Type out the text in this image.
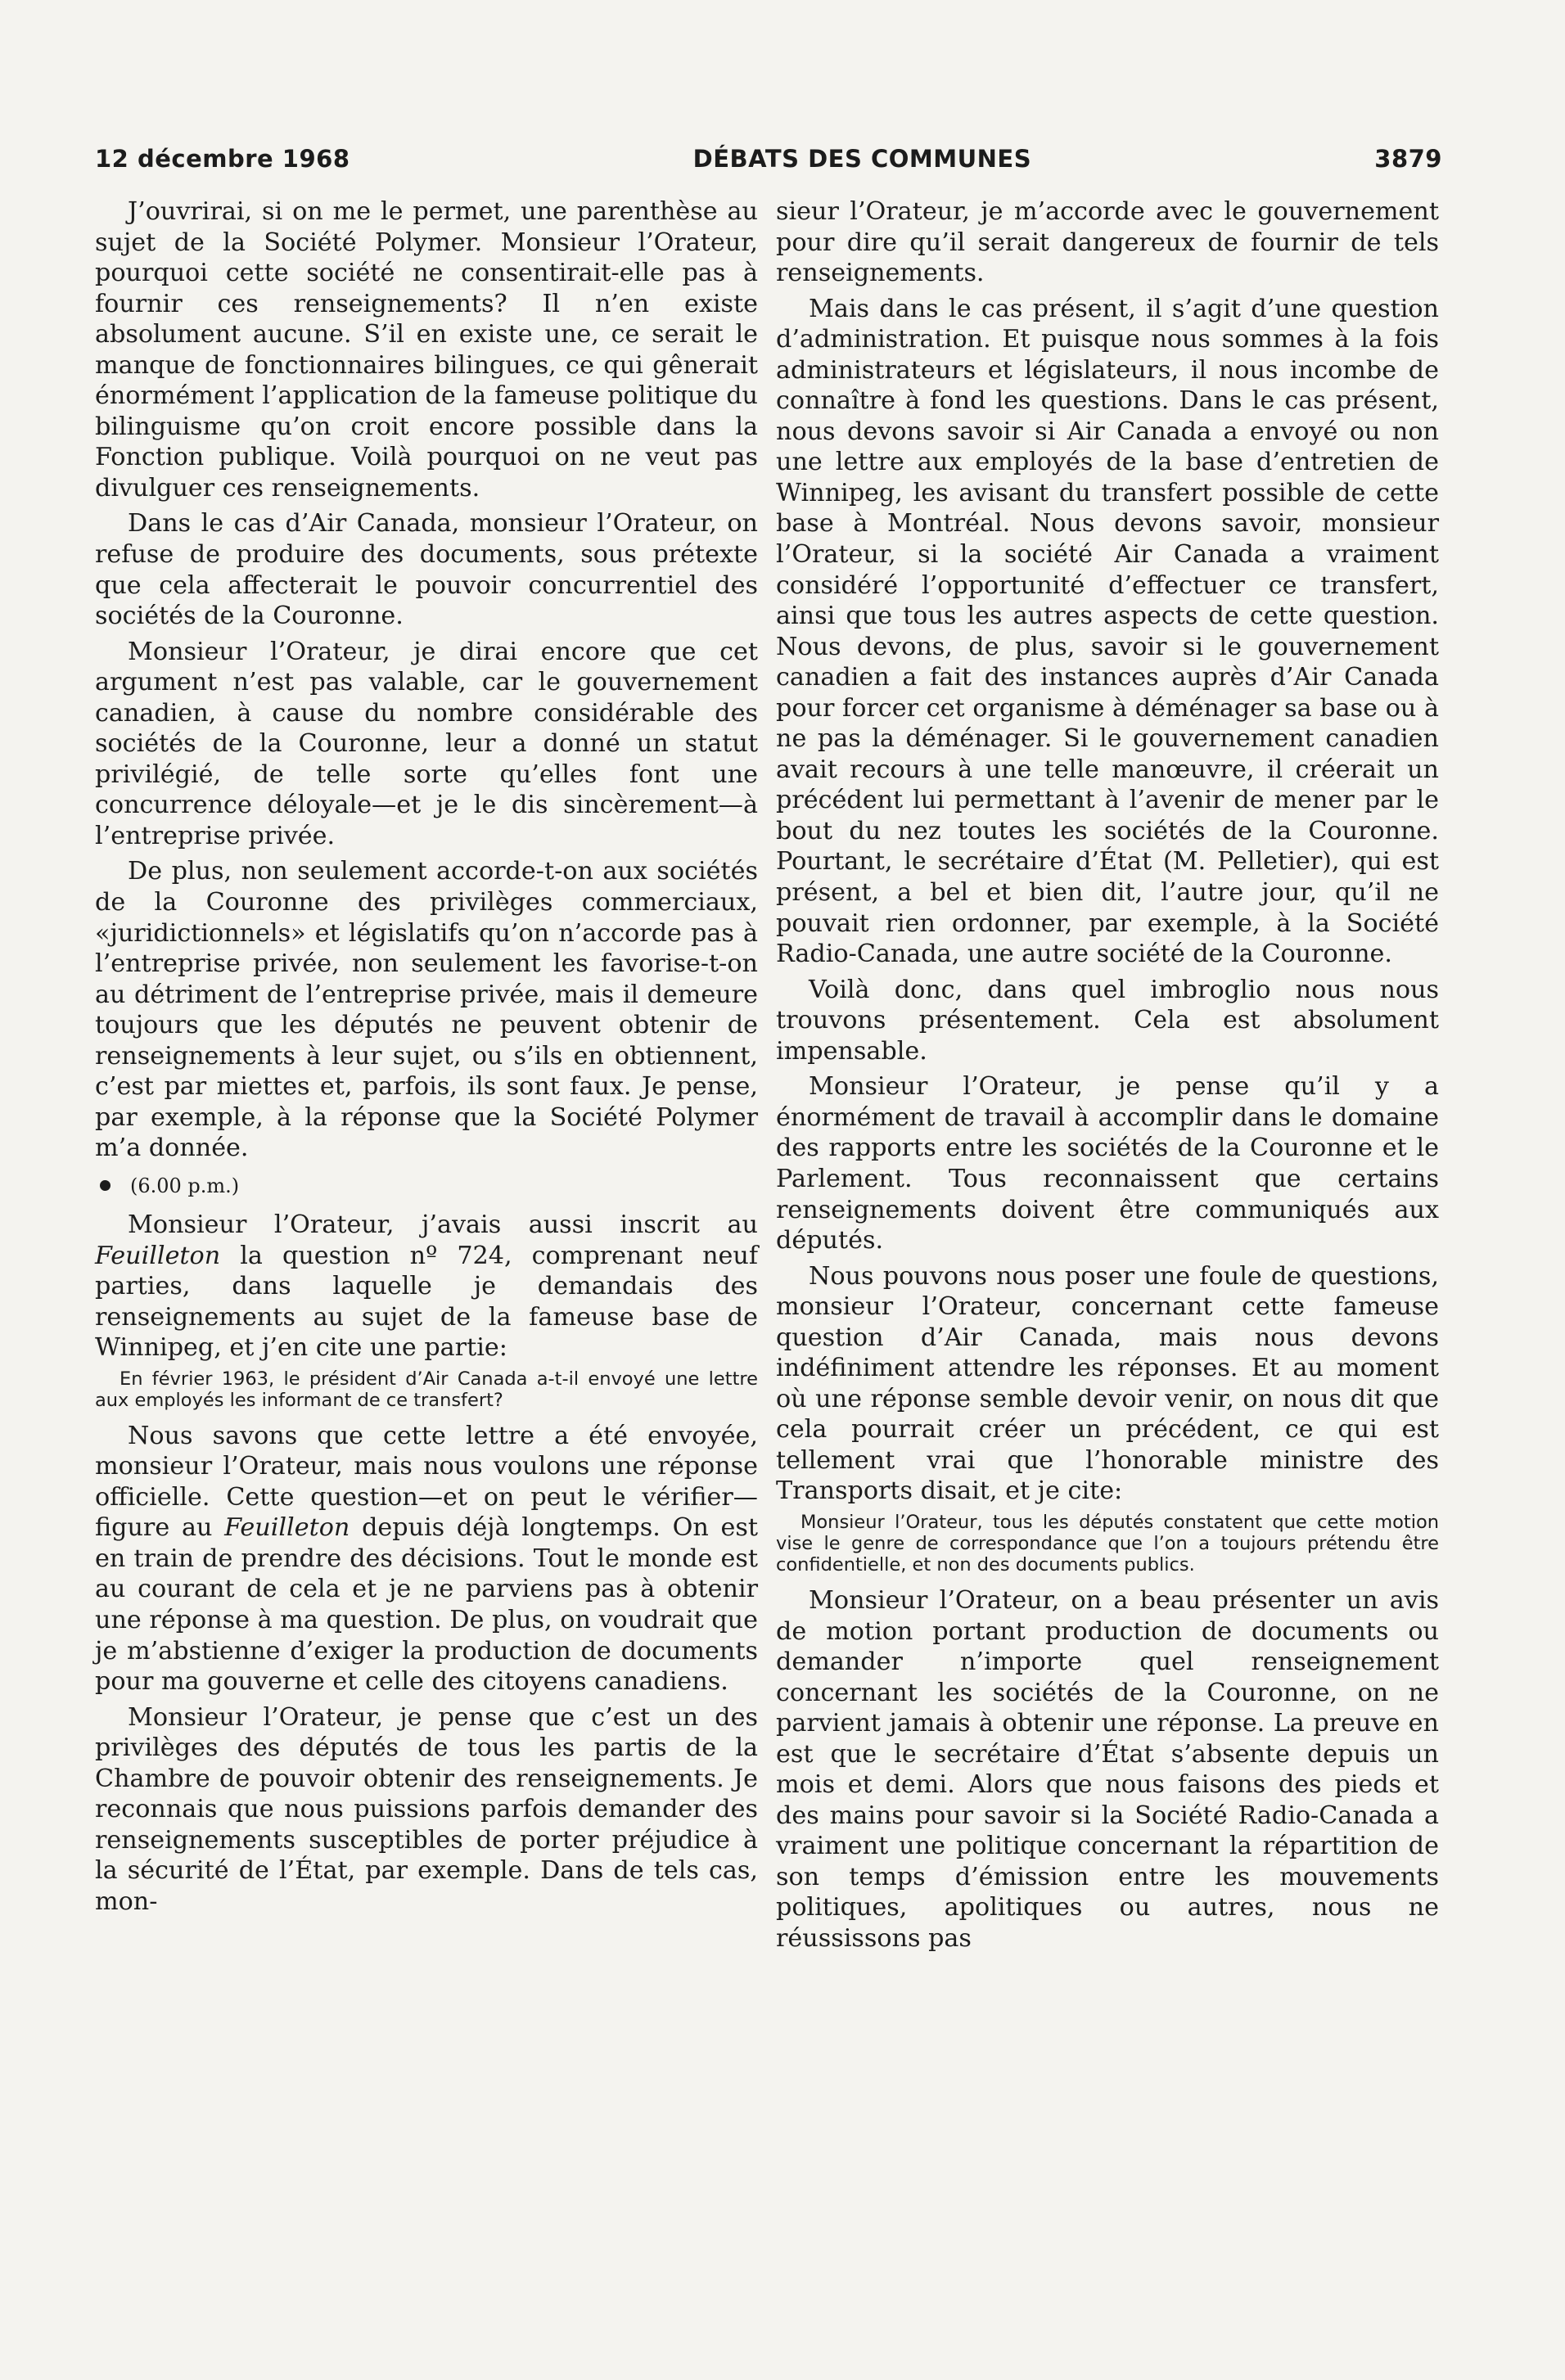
12 décembre 1968	DÉBATS DES COMMUNES	3879

J’ouvrirai, si on me le permet, une parenthèse au sujet de la Société Polymer. Monsieur l’Orateur, pourquoi cette société ne consentirait-elle pas à fournir ces renseignements? Il n’en existe absolument aucune. S’il en existe une, ce serait le manque de fonctionnaires bilingues, ce qui gênerait énormément l’application de la fameuse politique du bilinguisme qu’on croit encore possible dans la Fonction publique. Voilà pourquoi on ne veut pas divulguer ces renseignements.

Dans le cas d’Air Canada, monsieur l’Orateur, on refuse de produire des documents, sous prétexte que cela affecterait le pouvoir concurrentiel des sociétés de la Couronne.

Monsieur l’Orateur, je dirai encore que cet argument n’est pas valable, car le gouvernement canadien, à cause du nombre considérable des sociétés de la Couronne, leur a donné un statut privilégié, de telle sorte qu’elles font une concurrence déloyale—et je le dis sincèrement—à l’entreprise privée.

De plus, non seulement accorde-t-on aux sociétés de la Couronne des privilèges commerciaux, «juridictionnels» et législatifs qu’on n’accorde pas à l’entreprise privée, non seulement les favorise-t-on au détriment de l’entreprise privée, mais il demeure toujours que les députés ne peuvent obtenir de renseignements à leur sujet, ou s’ils en obtiennent, c’est par miettes et, parfois, ils sont faux. Je pense, par exemple, à la réponse que la Société Polymer m’a donnée.

(6.00 p.m.)

Monsieur l’Orateur, j’avais aussi inscrit au Feuilleton la question nº 724, comprenant neuf parties, dans laquelle je demandais des renseignements au sujet de la fameuse base de Winnipeg, et j’en cite une partie:

En février 1963, le président d’Air Canada a-t-il envoyé une lettre aux employés les informant de ce transfert?

Nous savons que cette lettre a été envoyée, monsieur l’Orateur, mais nous voulons une réponse officielle. Cette question—et on peut le vérifier—figure au Feuilleton depuis déjà longtemps. On est en train de prendre des décisions. Tout le monde est au courant de cela et je ne parviens pas à obtenir une réponse à ma question. De plus, on voudrait que je m’abstienne d’exiger la production de documents pour ma gouverne et celle des citoyens canadiens.

Monsieur l’Orateur, je pense que c’est un des privilèges des députés de tous les partis de la Chambre de pouvoir obtenir des renseignements. Je reconnais que nous puissions parfois demander des renseignements susceptibles de porter préjudice à la sécurité de l’État, par exemple. Dans de tels cas, mon-

sieur l’Orateur, je m’accorde avec le gouvernement pour dire qu’il serait dangereux de fournir de tels renseignements.

Mais dans le cas présent, il s’agit d’une question d’administration. Et puisque nous sommes à la fois administrateurs et législateurs, il nous incombe de connaître à fond les questions. Dans le cas présent, nous devons savoir si Air Canada a envoyé ou non une lettre aux employés de la base d’entretien de Winnipeg, les avisant du transfert possible de cette base à Montréal. Nous devons savoir, monsieur l’Orateur, si la société Air Canada a vraiment considéré l’opportunité d’effectuer ce transfert, ainsi que tous les autres aspects de cette question. Nous devons, de plus, savoir si le gouvernement canadien a fait des instances auprès d’Air Canada pour forcer cet organisme à déménager sa base ou à ne pas la déménager. Si le gouvernement canadien avait recours à une telle manœuvre, il créerait un précédent lui permettant à l’avenir de mener par le bout du nez toutes les sociétés de la Couronne. Pourtant, le secrétaire d’État (M. Pelletier), qui est présent, a bel et bien dit, l’autre jour, qu’il ne pouvait rien ordonner, par exemple, à la Société Radio-Canada, une autre société de la Couronne.

Voilà donc, dans quel imbroglio nous nous trouvons présentement. Cela est absolument impensable.

Monsieur l’Orateur, je pense qu’il y a énormément de travail à accomplir dans le domaine des rapports entre les sociétés de la Couronne et le Parlement. Tous reconnaissent que certains renseignements doivent être communiqués aux députés.

Nous pouvons nous poser une foule de questions, monsieur l’Orateur, concernant cette fameuse question d’Air Canada, mais nous devons indéfiniment attendre les réponses. Et au moment où une réponse semble devoir venir, on nous dit que cela pourrait créer un précédent, ce qui est tellement vrai que l’honorable ministre des Transports disait, et je cite:

Monsieur l’Orateur, tous les députés constatent que cette motion vise le genre de correspondance que l’on a toujours prétendu être confidentielle, et non des documents publics.

Monsieur l’Orateur, on a beau présenter un avis de motion portant production de documents ou demander n’importe quel renseignement concernant les sociétés de la Couronne, on ne parvient jamais à obtenir une réponse. La preuve en est que le secrétaire d’État s’absente depuis un mois et demi. Alors que nous faisons des pieds et des mains pour savoir si la Société Radio-Canada a vraiment une politique concernant la répartition de son temps d’émission entre les mouvements politiques, apolitiques ou autres, nous ne réussissons pas
